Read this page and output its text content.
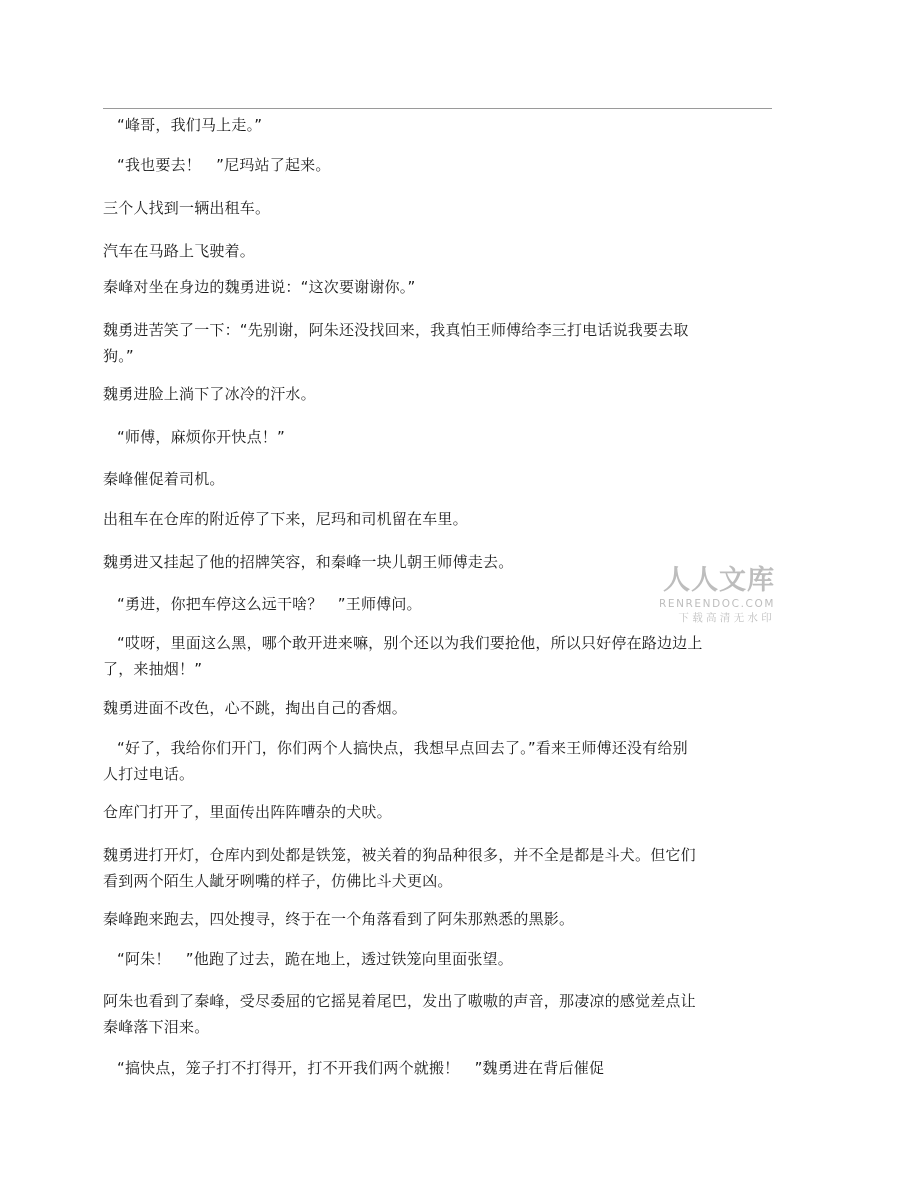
“峰哥，我们马上走。”
“我也要去！　”尼玛站了起来。
三个人找到一辆出租车。
汽车在马路上飞驶着。
秦峰对坐在身边的魏勇进说：“这次要谢谢你。”
魏勇进苦笑了一下：“先别谢，阿朱还没找回来，我真怕王师傅给李三打电话说我要去取
狗。”
魏勇进脸上淌下了冰冷的汗水。
“师傅，麻烦你开快点！”
秦峰催促着司机。
出租车在仓库的附近停了下来，尼玛和司机留在车里。
魏勇进又挂起了他的招牌笑容，和秦峰一块儿朝王师傅走去。
“勇进，你把车停这么远干啥？　”王师傅问。
“哎呀，里面这么黑，哪个敢开进来嘛，别个还以为我们要抢他，所以只好停在路边边上
了，来抽烟！”
魏勇进面不改色，心不跳，掏出自己的香烟。
“好了，我给你们开门，你们两个人搞快点，我想早点回去了。”看来王师傅还没有给别
人打过电话。
仓库门打开了，里面传出阵阵嘈杂的犬吠。
魏勇进打开灯，仓库内到处都是铁笼，被关着的狗品种很多，并不全是都是斗犬。但它们
看到两个陌生人龇牙咧嘴的样子，仿佛比斗犬更凶。
秦峰跑来跑去，四处搜寻，终于在一个角落看到了阿朱那熟悉的黑影。
“阿朱！　”他跑了过去，跪在地上，透过铁笼向里面张望。
阿朱也看到了秦峰，受尽委屈的它摇晃着尾巴，发出了嗷嗷的声音，那凄凉的感觉差点让
秦峰落下泪来。
“搞快点，笼子打不打得开，打不开我们两个就搬！　”魏勇进在背后催促
人人文库
RENRENDOC.COM
下载高清无水印
